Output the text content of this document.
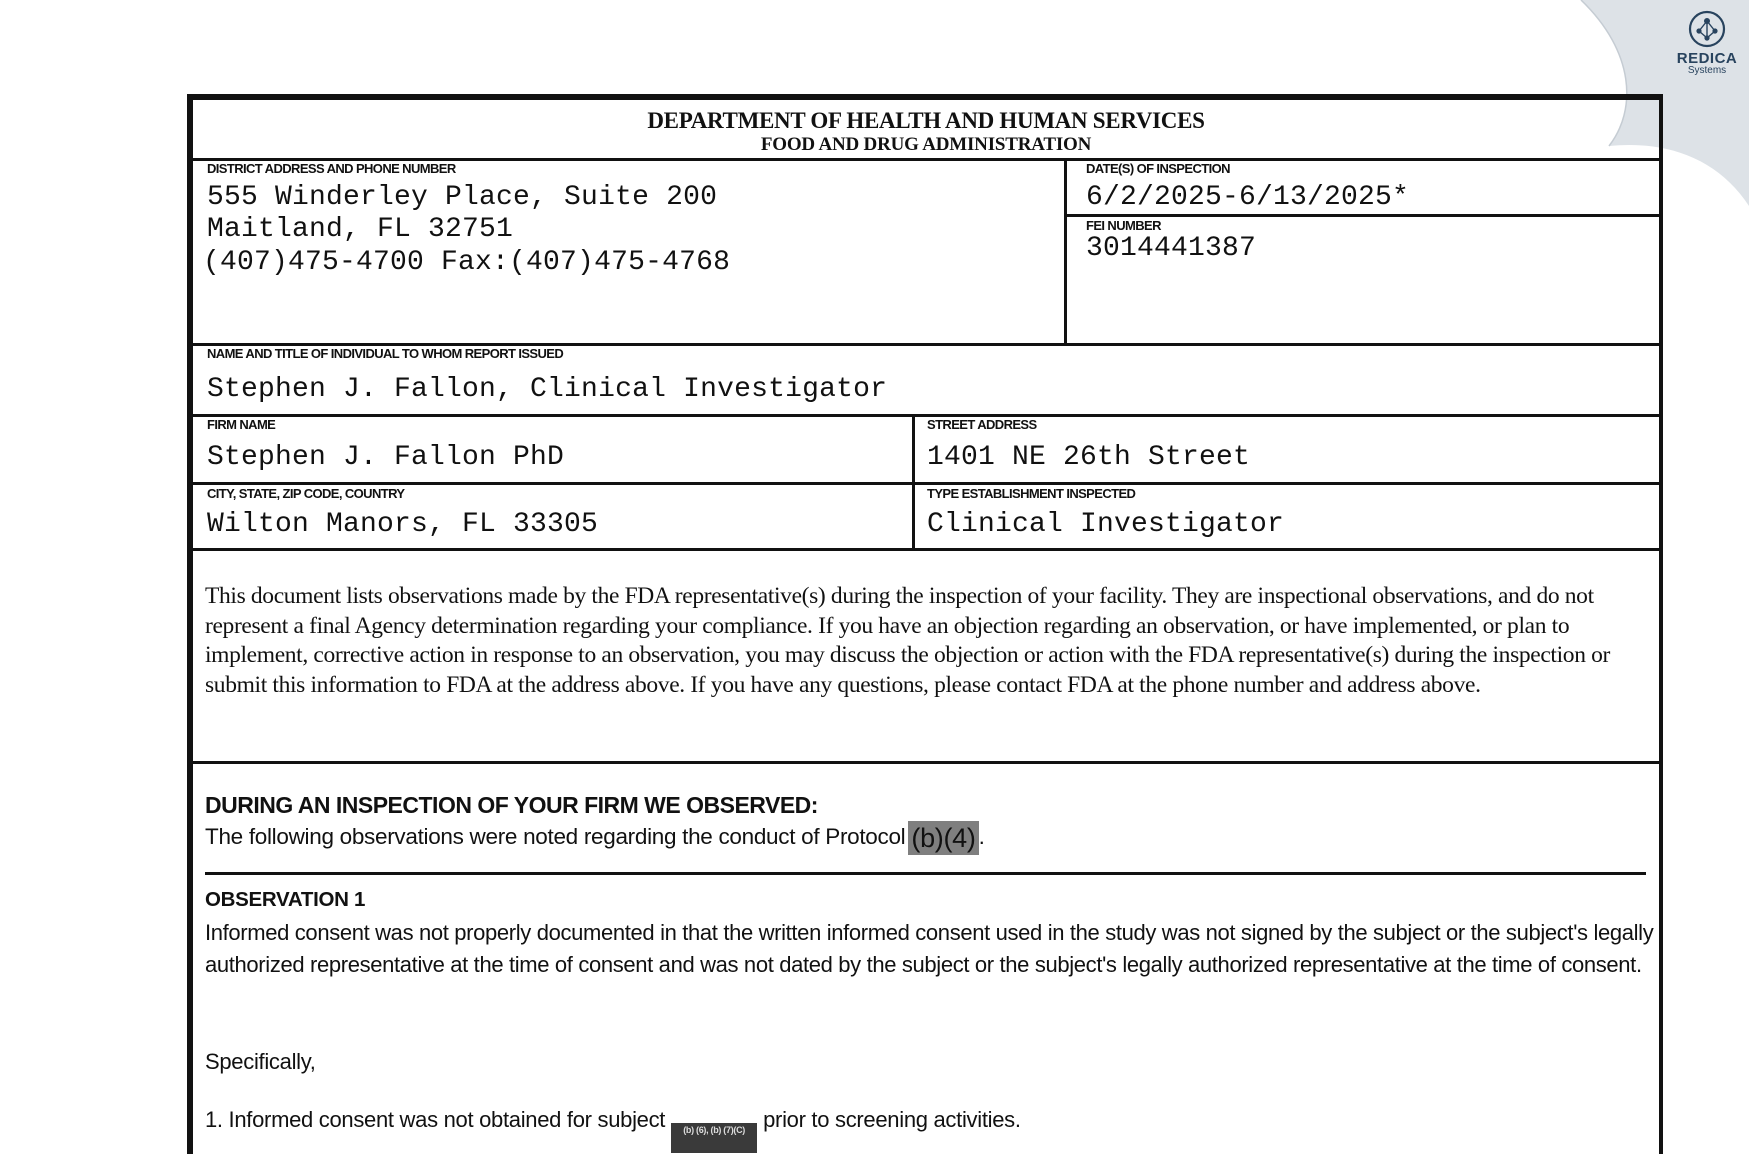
REDICA
Systems
DEPARTMENT OF HEALTH AND HUMAN SERVICES
FOOD AND DRUG ADMINISTRATION
DISTRICT ADDRESS AND PHONE NUMBER
555 Winderley Place, Suite 200
Maitland, FL 32751
(407)475-4700 Fax:(407)475-4768
DATE(S) OF INSPECTION
6/2/2025-6/13/2025*
FEI NUMBER
3014441387
NAME AND TITLE OF INDIVIDUAL TO WHOM REPORT ISSUED
Stephen J. Fallon, Clinical Investigator
FIRM NAME
Stephen J. Fallon PhD
STREET ADDRESS
1401 NE 26th Street
CITY, STATE, ZIP CODE, COUNTRY
Wilton Manors, FL 33305
TYPE ESTABLISHMENT INSPECTED
Clinical Investigator
This document lists observations made by the FDA representative(s) during the inspection of your facility. They are inspectional observations, and do not represent a final Agency determination regarding your compliance. If you have an objection regarding an observation, or have implemented, or plan to implement, corrective action in response to an observation, you may discuss the objection or action with the FDA representative(s) during the inspection or submit this information to FDA at the address above. If you have any questions, please contact FDA at the phone number and address above.
DURING AN INSPECTION OF YOUR FIRM WE OBSERVED:
The following observations were noted regarding the conduct of Protocol (b)(4) .
OBSERVATION 1
Informed consent was not properly documented in that the written informed consent used in the study was not signed by the subject or the subject's legally authorized representative at the time of consent and was not dated by the subject or the subject's legally authorized representative at the time of consent.
Specifically,
1. Informed consent was not obtained for subject (b) (6), (b) (7)(C) prior to screening activities.
